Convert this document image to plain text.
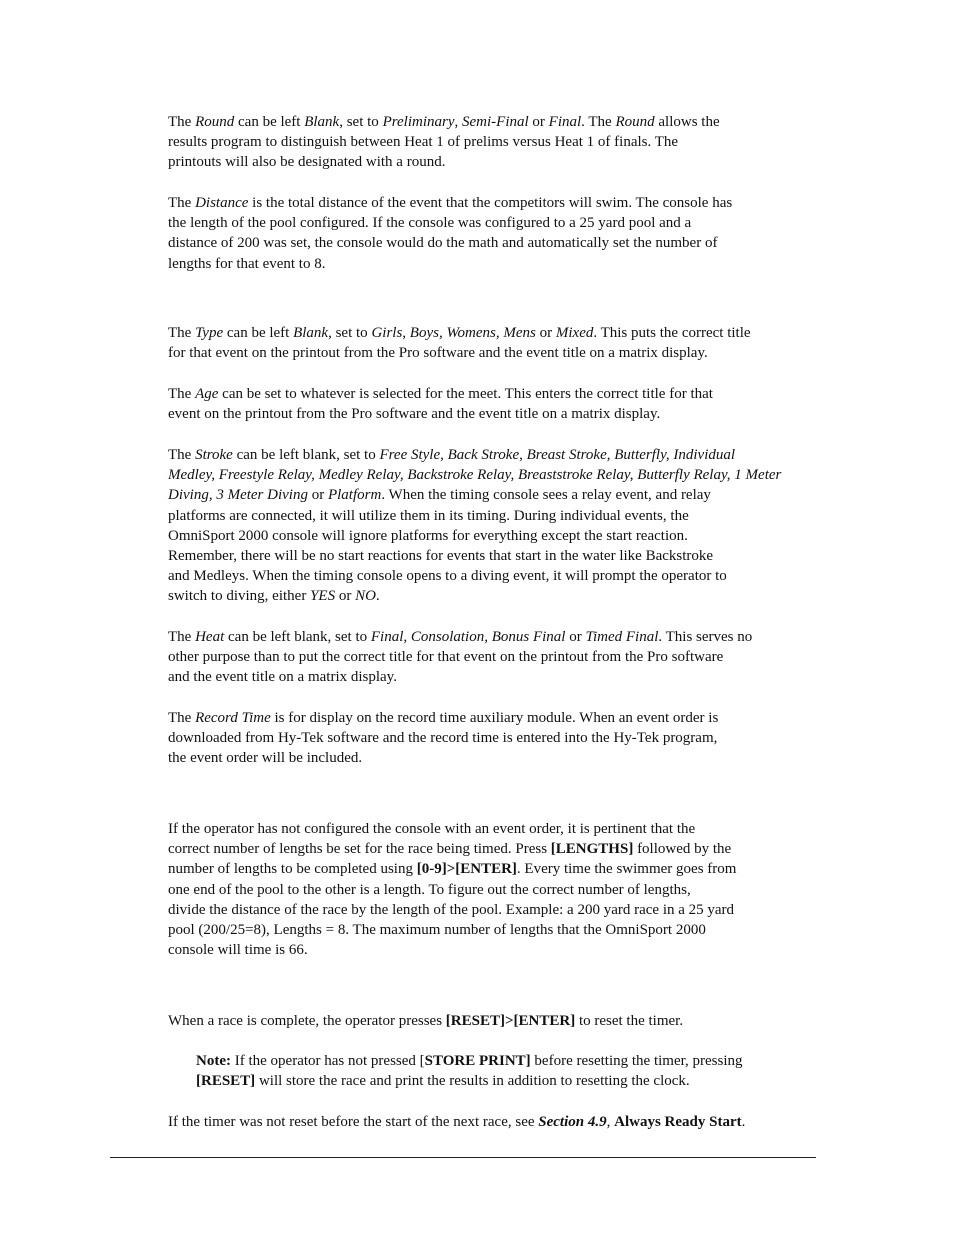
The Round can be left Blank, set to Preliminary, Semi-Final or Final. The Round allows the
results program to distinguish between Heat 1 of prelims versus Heat 1 of finals. The
printouts will also be designated with a round.

The Distance is the total distance of the event that the competitors will swim. The console has
the length of the pool configured. If the console was configured to a 25 yard pool and a
distance of 200 was set, the console would do the math and automatically set the number of
lengths for that event to 8.

The Type can be left Blank, set to Girls, Boys, Womens, Mens or Mixed. This puts the correct title
for that event on the printout from the Pro software and the event title on a matrix display.

The Age can be set to whatever is selected for the meet. This enters the correct title for that
event on the printout from the Pro software and the event title on a matrix display.

The Stroke can be left blank, set to Free Style, Back Stroke, Breast Stroke, Butterfly, Individual
Medley, Freestyle Relay, Medley Relay, Backstroke Relay, Breaststroke Relay, Butterfly Relay, 1 Meter
Diving, 3 Meter Diving or Platform. When the timing console sees a relay event, and relay
platforms are connected, it will utilize them in its timing. During individual events, the
OmniSport 2000 console will ignore platforms for everything except the start reaction.
Remember, there will be no start reactions for events that start in the water like Backstroke
and Medleys. When the timing console opens to a diving event, it will prompt the operator to
switch to diving, either YES or NO.

The Heat can be left blank, set to Final, Consolation, Bonus Final or Timed Final. This serves no
other purpose than to put the correct title for that event on the printout from the Pro software
and the event title on a matrix display.

The Record Time is for display on the record time auxiliary module. When an event order is
downloaded from Hy-Tek software and the record time is entered into the Hy-Tek program,
the event order will be included.

If the operator has not configured the console with an event order, it is pertinent that the
correct number of lengths be set for the race being timed. Press [LENGTHS] followed by the
number of lengths to be completed using [0-9]>[ENTER]. Every time the swimmer goes from
one end of the pool to the other is a length. To figure out the correct number of lengths,
divide the distance of the race by the length of the pool. Example: a 200 yard race in a 25 yard
pool (200/25=8), Lengths = 8. The maximum number of lengths that the OmniSport 2000
console will time is 66.

When a race is complete, the operator presses [RESET]>[ENTER] to reset the timer.

Note: If the operator has not pressed [STORE PRINT] before resetting the timer, pressing
[RESET] will store the race and print the results in addition to resetting the clock.

If the timer was not reset before the start of the next race, see Section 4.9, Always Ready Start.
